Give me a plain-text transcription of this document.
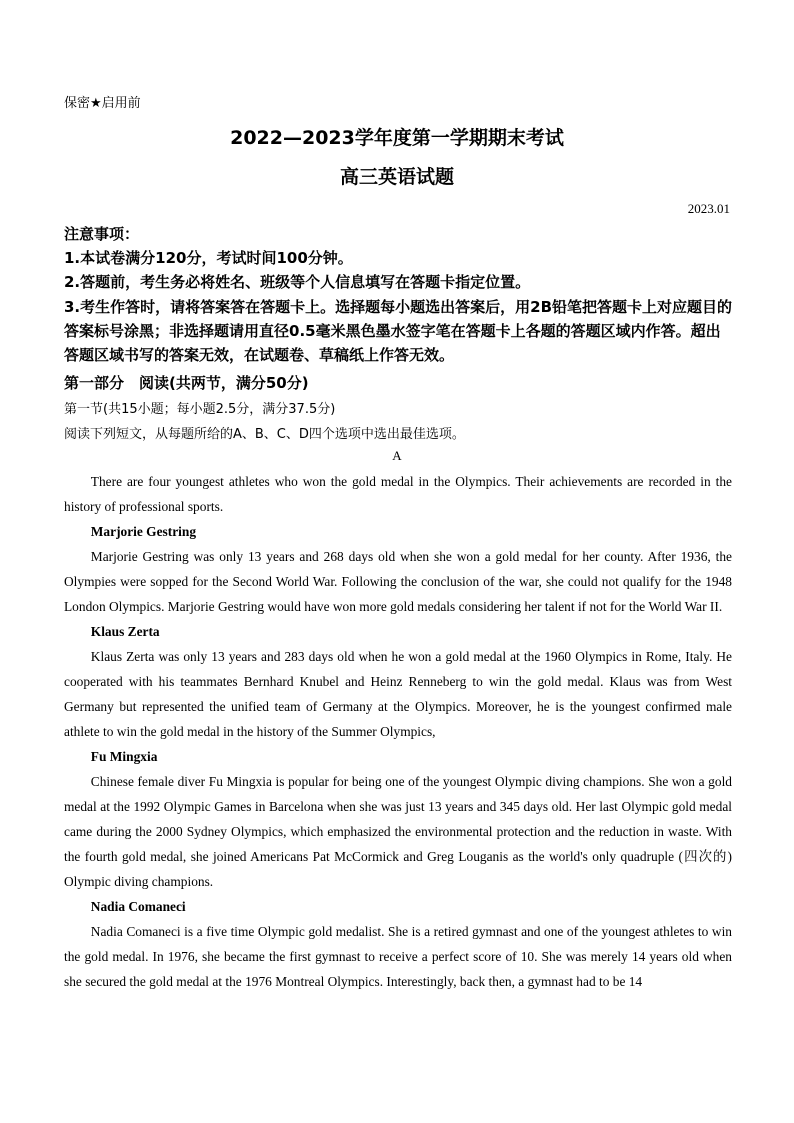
保密★启用前
2022—2023学年度第一学期期末考试
高三英语试题
2023.01

注意事项：

1.本试卷满分120分，考试时间100分钟。

2.答题前，考生务必将姓名、班级等个人信息填写在答题卡指定位置。

3.考生作答时，请将答案答在答题卡上。选择题每小题选出答案后，用2B铅笔把答题卡上对应题目的答案标号涂黑；非选择题请用直径0.5毫米黑色墨水签字笔在答题卡上各题的答题区域内作答。超出答题区域书写的答案无效，在试题卷、草稿纸上作答无效。

第一部分　阅读(共两节，满分50分)
第一节(共15小题；每小题2.5分，满分37.5分)
阅读下列短文，从每题所给的A、B、C、D四个选项中选出最佳选项。
A

There are four youngest athletes who won the gold medal in the Olympics. Their achievements are recorded in the history of professional sports.

Marjorie Gestring

Marjorie Gestring was only 13 years and 268 days old when she won a gold medal for her county. After 1936, the Olympies were sopped for the Second World War. Following the conclusion of the war, she could not qualify for the 1948 London Olympics. Marjorie Gestring would have won more gold medals considering her talent if not for the World War II.

Klaus Zerta

Klaus Zerta was only 13 years and 283 days old when he won a gold medal at the 1960 Olympics in Rome, Italy. He cooperated with his teammates Bernhard Knubel and Heinz Renneberg to win the gold medal. Klaus was from West Germany but represented the unified team of Germany at the Olympics. Moreover, he is the youngest confirmed male athlete to win the gold medal in the history of the Summer Olympics,

Fu Mingxia

Chinese female diver Fu Mingxia is popular for being one of the youngest Olympic diving champions. She won a gold medal at the 1992 Olympic Games in Barcelona when she was just 13 years and 345 days old. Her last Olympic gold medal came during the 2000 Sydney Olympics, which emphasized the environmental protection and the reduction in waste. With the fourth gold medal, she joined Americans Pat McCormick and Greg Louganis as the world's only quadruple (四次的) Olympic diving champions.

Nadia Comaneci

Nadia Comaneci is a five time Olympic gold medalist. She is a retired gymnast and one of the youngest athletes to win the gold medal. In 1976, she became the first gymnast to receive a perfect score of 10. She was merely 14 years old when she secured the gold medal at the 1976 Montreal Olympics. Interestingly, back then, a gymnast had to be 14
